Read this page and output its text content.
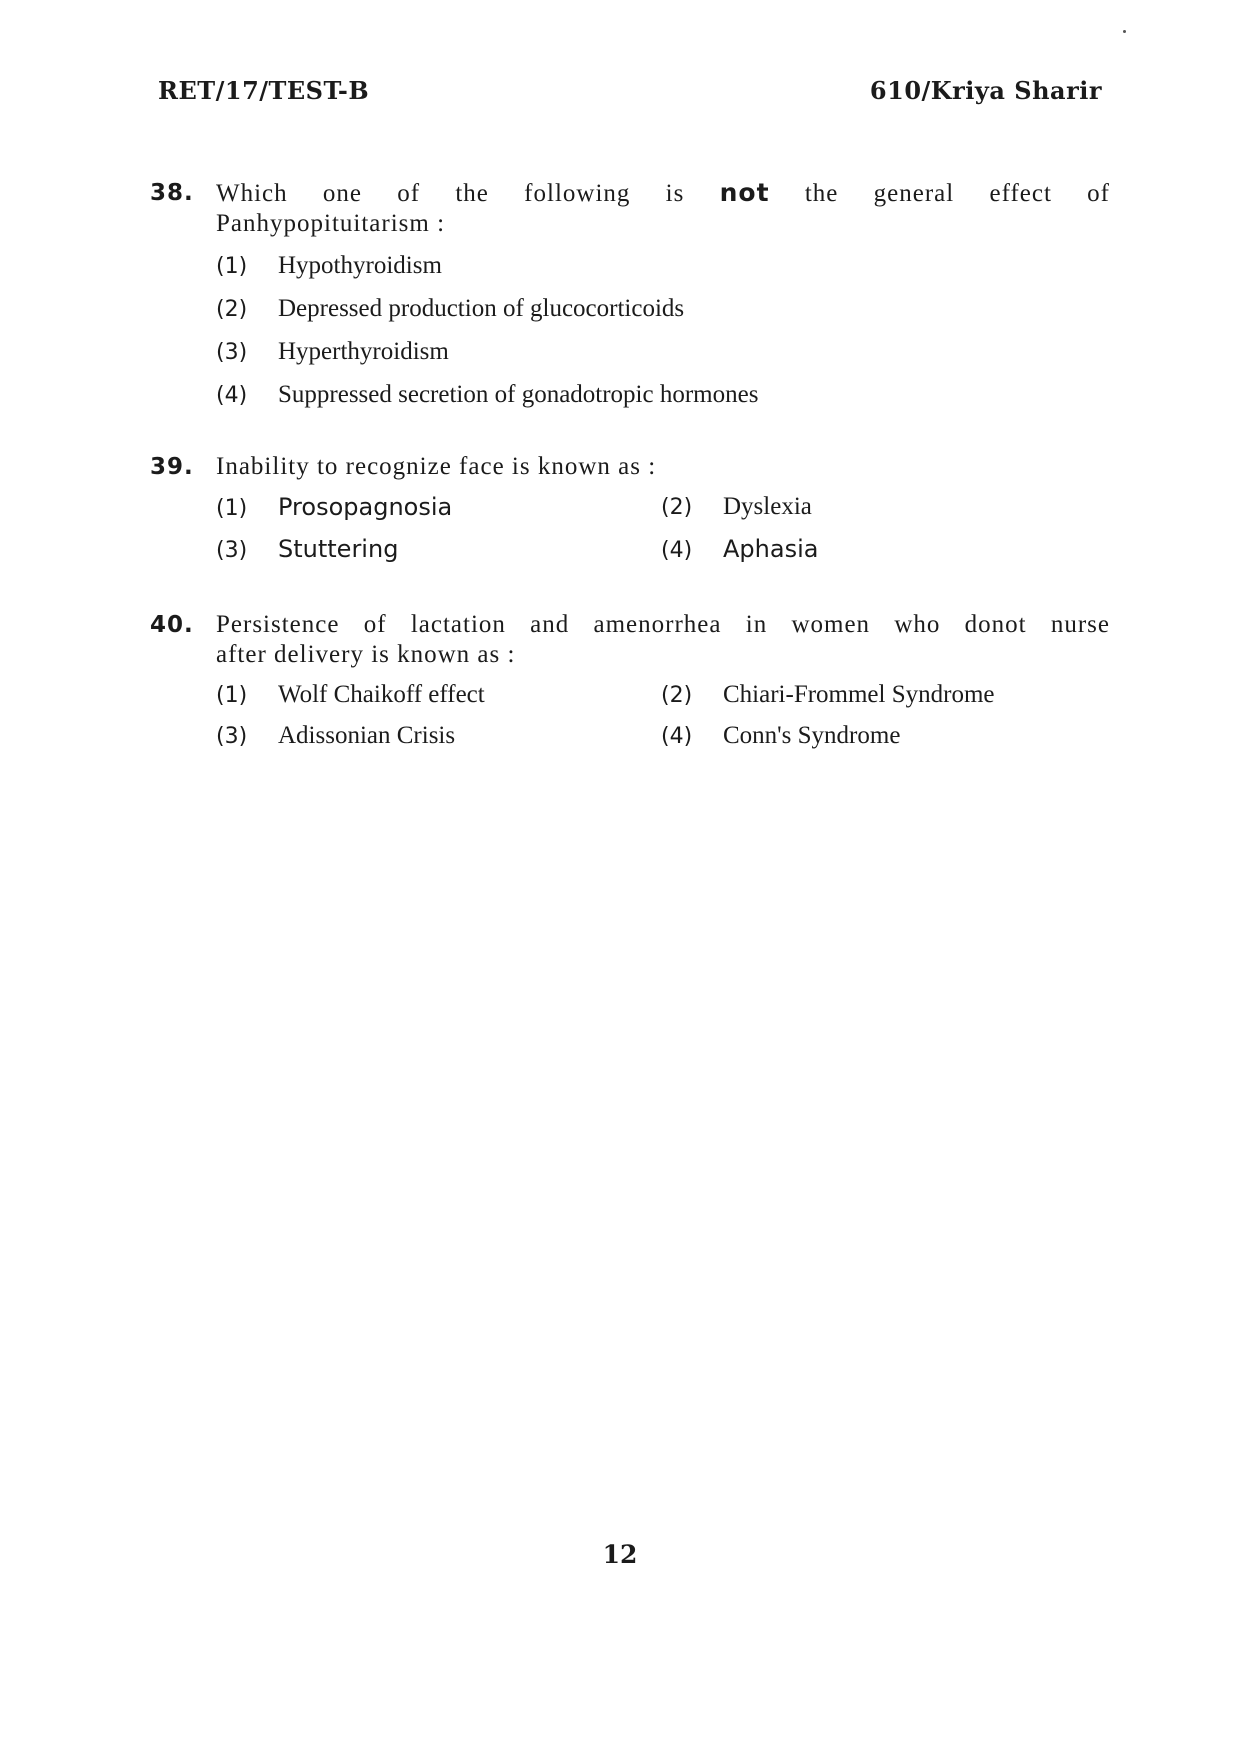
RET/17/TEST-B	610/Kriya Sharir
38. Which one of the following is not the general effect of
Panhypopituitarism :
(1) Hypothyroidism
(2) Depressed production of glucocorticoids
(3) Hyperthyroidism
(4) Suppressed secretion of gonadotropic hormones
39. Inability to recognize face is known as :
(1) Prosopagnosia	(2) Dyslexia
(3) Stuttering	(4) Aphasia
40. Persistence of lactation and amenorrhea in women who donot nurse
after delivery is known as :
(1) Wolf Chaikoff effect	(2) Chiari-Frommel Syndrome
(3) Adissonian Crisis	(4) Conn's Syndrome
12
